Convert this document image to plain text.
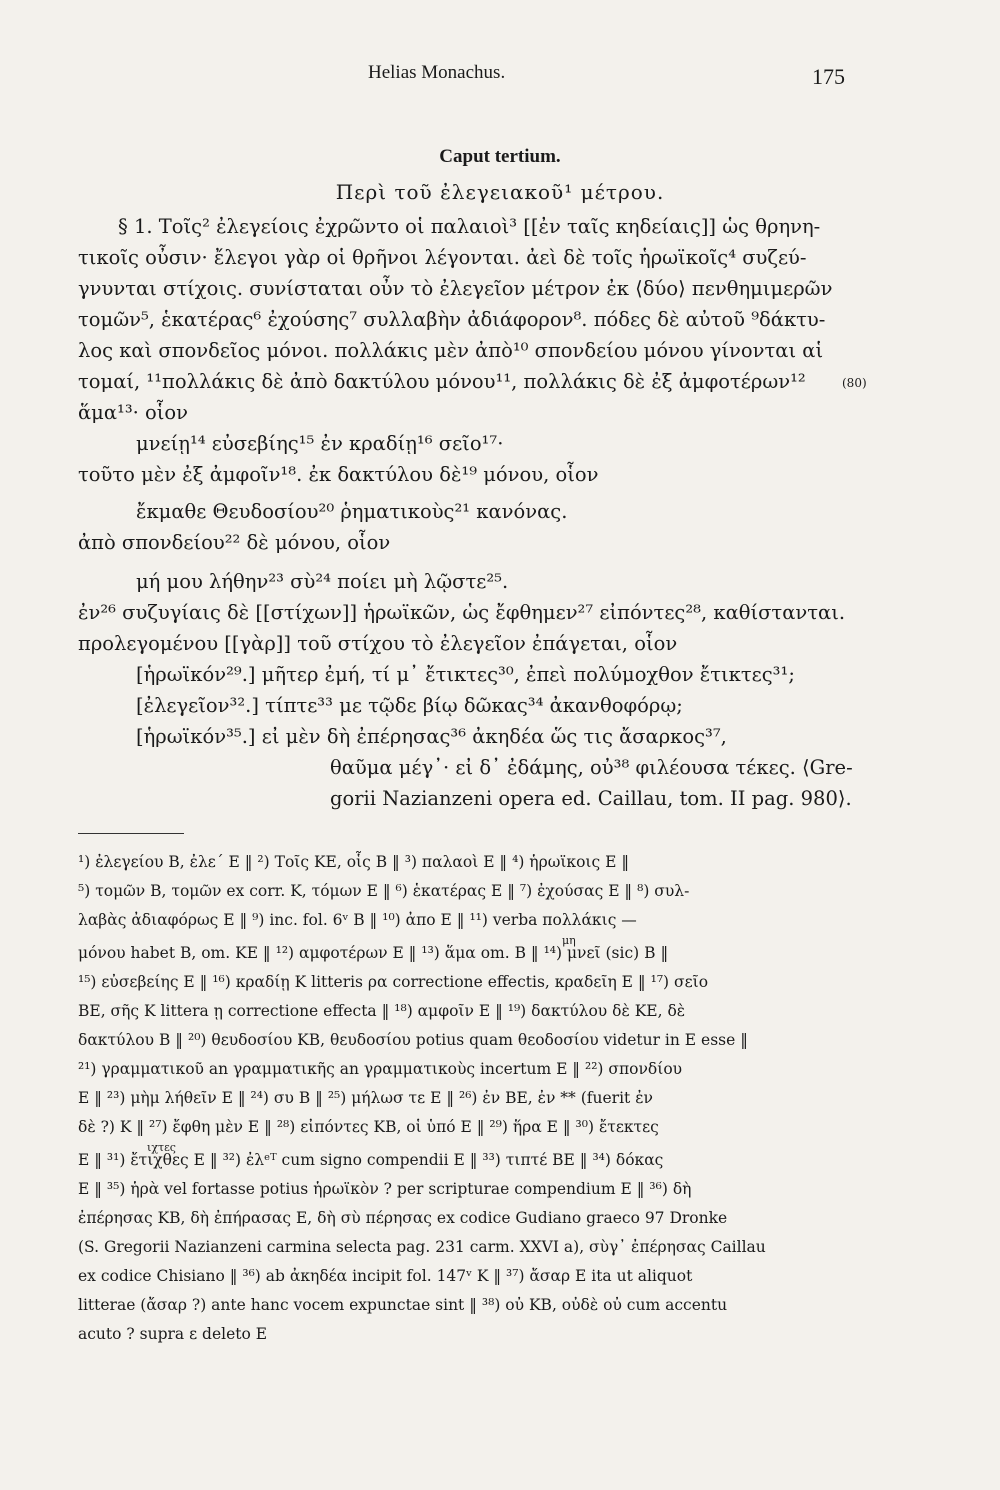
Helias Monachus.	175
Caput tertium.
Περὶ τοῦ ἐλεγειακοῦ¹ μέτρου.
§ 1. Τοῖς² ἐλεγείοις ἐχρῶντο οἱ παλαιοὶ³ [[ἐν ταῖς κηδείαις]] ὡς θρηνη-
τικοῖς οὖσιν· ἔλεγοι γὰρ οἱ θρῆνοι λέγονται. ἀεὶ δὲ τοῖς ἡρωϊκοῖς⁴ συζεύ-
γνυνται στίχοις. συνίσταται οὖν τὸ ἐλεγεῖον μέτρον ἐκ ⟨δύο⟩ πενθημιμερῶν
τομῶν⁵, ἑκατέρας⁶ ἐχούσης⁷ συλλαβὴν ἀδιάφορον⁸. πόδες δὲ αὐτοῦ ⁹δάκτυ-
λος καὶ σπονδεῖος μόνοι. πολλάκις μὲν ἀπὸ¹⁰ σπονδείου μόνου γίνονται αἱ
τομαί, ¹¹πολλάκις δὲ ἀπὸ δακτύλου μόνου¹¹, πολλάκις δὲ ἐξ ἀμφοτέρων¹²
ἅμα¹³· οἷον
μνείῃ¹⁴ εὐσεβίης¹⁵ ἐν κραδίῃ¹⁶ σεῖο¹⁷·
τοῦτο μὲν ἐξ ἀμφοῖν¹⁸. ἐκ δακτύλου δὲ¹⁹ μόνου, οἷον
ἔκμαθε Θευδοσίου²⁰ ῥηματικοὺς²¹ κανόνας.
ἀπὸ σπονδείου²² δὲ μόνου, οἷον
μή μου λήθην²³ σὺ²⁴ ποίει μὴ λῷστε²⁵.
ἐν²⁶ συζυγίαις δὲ [[στίχων]] ἡρωϊκῶν, ὡς ἔφθημεν²⁷ εἰπόντες²⁸, καθίστανται.
προλεγομένου [[γὰρ]] τοῦ στίχου τὸ ἐλεγεῖον ἐπάγεται, οἷον
[ἡρωϊκόν²⁹.] μῆτερ ἐμή, τί μ᾽ ἔτικτες³⁰, ἐπεὶ πολύμοχθον ἔτικτες³¹;
[ἐλεγεῖον³².] τίπτε³³ με τῷδε βίῳ δῶκας³⁴ ἀκανθοφόρῳ;
[ἡρωϊκόν³⁵.] εἰ μὲν δὴ ἐπέρησας³⁶ ἀκηδέα ὥς τις ἄσαρκος³⁷,
θαῦμα μέγ᾽· εἰ δ᾽ ἐδάμης, οὐ³⁸ φιλέουσα τέκες. ⟨Gre-
gorii Nazianzeni opera ed. Caillau, tom. II pag. 980⟩.
(80)
¹) ἐλεγείου B, ἐλε´ E ‖ ²) Τοῖς KE, οἷς B ‖ ³) παλαοὶ E ‖ ⁴) ἡρωϊκοις E ‖
⁵) τομῶν B, τομῶν ex corr. K, τόμων E ‖ ⁶) ἑκατέρας E ‖ ⁷) ἐχούσας E ‖ ⁸) συλ-
λαβὰς ἀδιαφόρως E ‖ ⁹) inc. fol. 6ᵛ B ‖ ¹⁰) ἀπο E ‖ ¹¹) verba πολλάκις —
μη
μόνου habet B, om. KE ‖ ¹²) αμφοτέρων E ‖ ¹³) ἅμα om. B ‖ ¹⁴) μνεῖ (sic) B ‖
¹⁵) εὐσεβείης E ‖ ¹⁶) κραδίῃ K litteris ρα correctione effectis, κραδεῖη E ‖ ¹⁷) σεῖο
BE, σῆς K littera ῃ correctione effecta ‖ ¹⁸) αμφοῖν E ‖ ¹⁹) δακτύλου δὲ KE, δὲ
δακτύλου B ‖ ²⁰) θευδοσίου KB, θευδοσίου potius quam θεοδοσίου videtur in E esse ‖
²¹) γραμματικοῦ an γραμματικῆς an γραμματικοὺς incertum E ‖ ²²) σπονδίου
E ‖ ²³) μὴμ λήθεῖν E ‖ ²⁴) συ B ‖ ²⁵) μήλωσ τε E ‖ ²⁶) ἐν BE, ἐν ** (fuerit ἐν
δὲ ?) K ‖ ²⁷) ἔφθη μὲν E ‖ ²⁸) εἰπόντες KB, οἱ ὑπό E ‖ ²⁹) ἥρα E ‖ ³⁰) ἔτεκτες
ιχτες
E ‖ ³¹) ἔτιχθες E ‖ ³²) ἐλᵉᵀ cum signo compendii E ‖ ³³) τιπτέ BE ‖ ³⁴) δόκας
E ‖ ³⁵) ἡρὰ vel fortasse potius ἡρωϊκὸν ? per scripturae compendium E ‖ ³⁶) δὴ
ἐπέρησας KB, δὴ ἐπήρασας E, δὴ σὺ πέρησας ex codice Gudiano graeco 97 Dronke
(S. Gregorii Nazianzeni carmina selecta pag. 231 carm. XXVI a), σὺγ᾽ ἐπέρησας Caillau
ex codice Chisiano ‖ ³⁶) ab ἀκηδέα incipit fol. 147ᵛ K ‖ ³⁷) ἄσαρ E ita ut aliquot
litterae (ἄσαρ ?) ante hanc vocem expunctae sint ‖ ³⁸) οὐ KB, οὐδὲ οὐ cum accentu
acuto ? supra ε deleto E
